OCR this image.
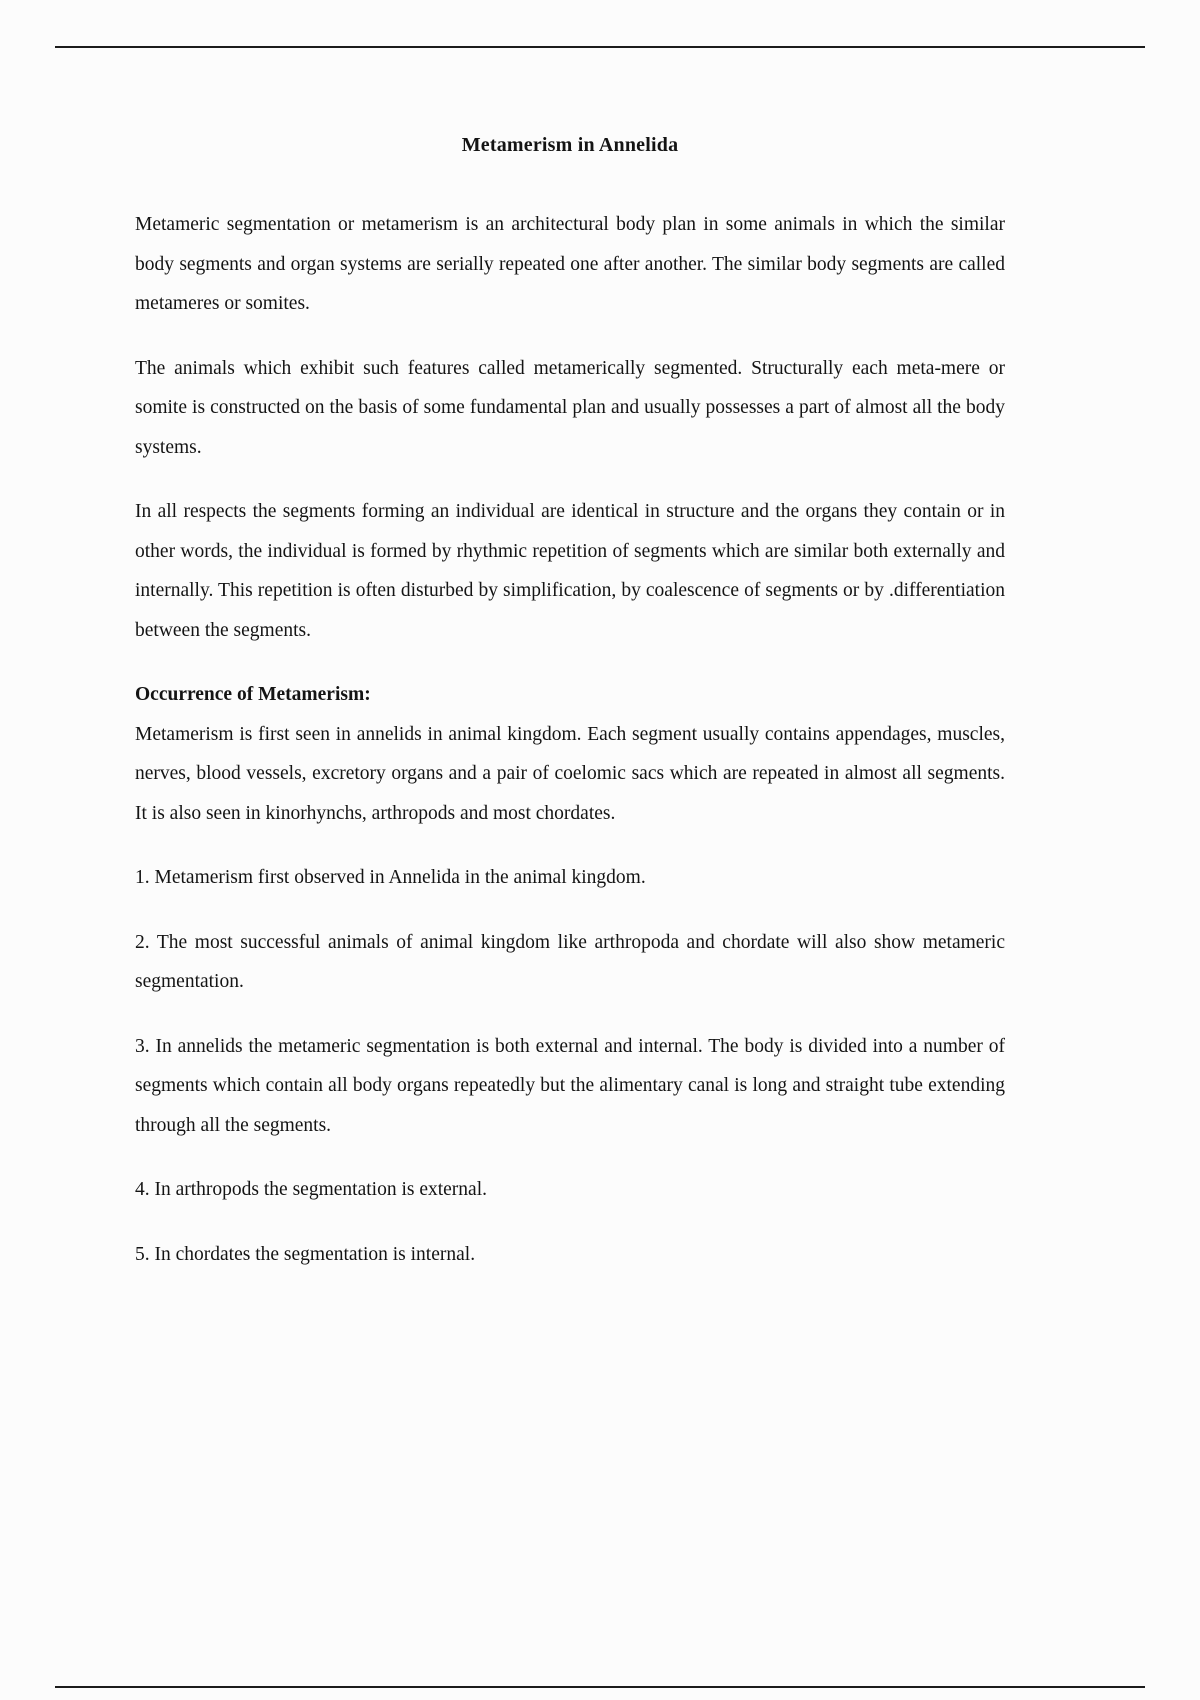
Metamerism in Annelida

Metameric segmentation or metamerism is an architectural body plan in some animals in which the similar body segments and organ systems are serially repeated one after another. The similar body segments are called metameres or somites.

The animals which exhibit such features called metamerically segmented. Structurally each meta-mere or somite is constructed on the basis of some fundamental plan and usually possesses a part of almost all the body systems.

In all respects the segments forming an individual are identical in structure and the organs they contain or in other words, the individual is formed by rhythmic repetition of segments which are similar both externally and internally. This repetition is often disturbed by simplification, by coalescence of segments or by .differentiation between the segments.

Occurrence of Metamerism:

Metamerism is first seen in annelids in animal kingdom. Each segment usually contains appendages, muscles, nerves, blood vessels, excretory organs and a pair of coelomic sacs which are repeated in almost all segments. It is also seen in kinorhynchs, arthropods and most chordates.

1. Metamerism first observed in Annelida in the animal kingdom.

2. The most successful animals of animal kingdom like arthropoda and chordate will also show metameric segmentation.

3. In annelids the metameric segmentation is both external and internal. The body is divided into a number of segments which contain all body organs repeatedly but the alimentary canal is long and straight tube extending through all the segments.

4. In arthropods the segmentation is external.

5. In chordates the segmentation is internal.
